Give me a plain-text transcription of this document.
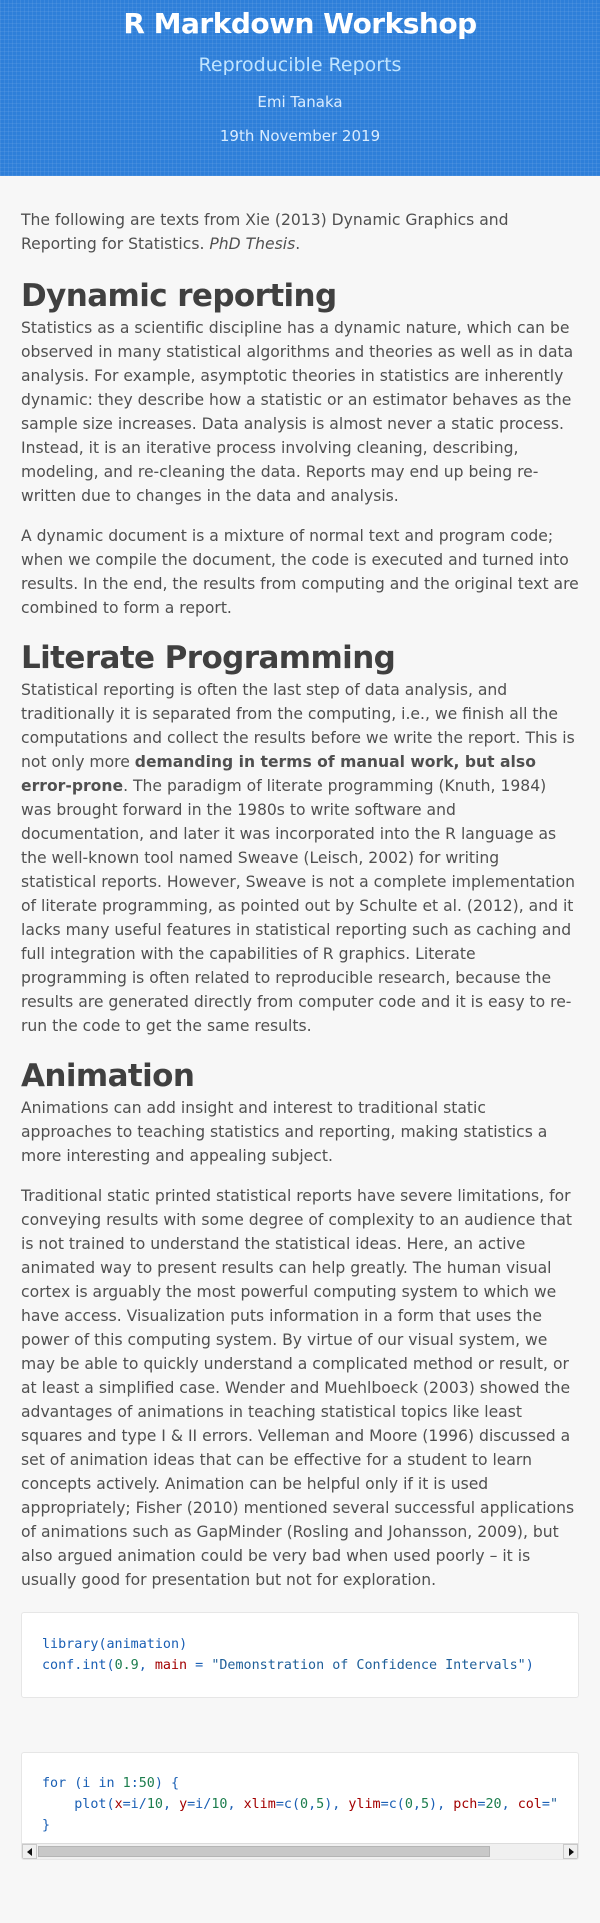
R Markdown Workshop
Reproducible Reports
Emi Tanaka
19th November 2019

The following are texts from Xie (2013) Dynamic Graphics and Reporting for Statistics. PhD Thesis.

Dynamic reporting

Statistics as a scientific discipline has a dynamic nature, which can be observed in many statistical algorithms and theories as well as in data analysis. For example, asymptotic theories in statistics are inherently dynamic: they describe how a statistic or an estimator behaves as the sample size increases. Data analysis is almost never a static process. Instead, it is an iterative process involving cleaning, describing, modeling, and re-cleaning the data. Reports may end up being re-written due to changes in the data and analysis.

A dynamic document is a mixture of normal text and program code; when we compile the document, the code is executed and turned into results. In the end, the results from computing and the original text are combined to form a report.

Literate Programming

Statistical reporting is often the last step of data analysis, and traditionally it is separated from the computing, i.e., we finish all the computations and collect the results before we write the report. This is not only more demanding in terms of manual work, but also error-prone. The paradigm of literate programming (Knuth, 1984) was brought forward in the 1980s to write software and documentation, and later it was incorporated into the R language as the well-known tool named Sweave (Leisch, 2002) for writing statistical reports. However, Sweave is not a complete implementation of literate programming, as pointed out by Schulte et al. (2012), and it lacks many useful features in statistical reporting such as caching and full integration with the capabilities of R graphics. Literate programming is often related to reproducible research, because the results are generated directly from computer code and it is easy to re-run the code to get the same results.

Animation

Animations can add insight and interest to traditional static approaches to teaching statistics and reporting, making statistics a more interesting and appealing subject.

Traditional static printed statistical reports have severe limitations, for conveying results with some degree of complexity to an audience that is not trained to understand the statistical ideas. Here, an active animated way to present results can help greatly. The human visual cortex is arguably the most powerful computing system to which we have access. Visualization puts information in a form that uses the power of this computing system. By virtue of our visual system, we may be able to quickly understand a complicated method or result, or at least a simplified case. Wender and Muehlboeck (2003) showed the advantages of animations in teaching statistical topics like least squares and type I & II errors. Velleman and Moore (1996) discussed a set of animation ideas that can be effective for a student to learn concepts actively. Animation can be helpful only if it is used appropriately; Fisher (2010) mentioned several successful applications of animations such as GapMinder (Rosling and Johansson, 2009), but also argued animation could be very bad when used poorly – it is usually good for presentation but not for exploration.

library(animation)
conf.int(0.9, main = "Demonstration of Confidence Intervals")
for (i in 1:50) {
plot(x=i/10, y=i/10, xlim=c(0,5), ylim=c(0,5), pch=20, col="
}
